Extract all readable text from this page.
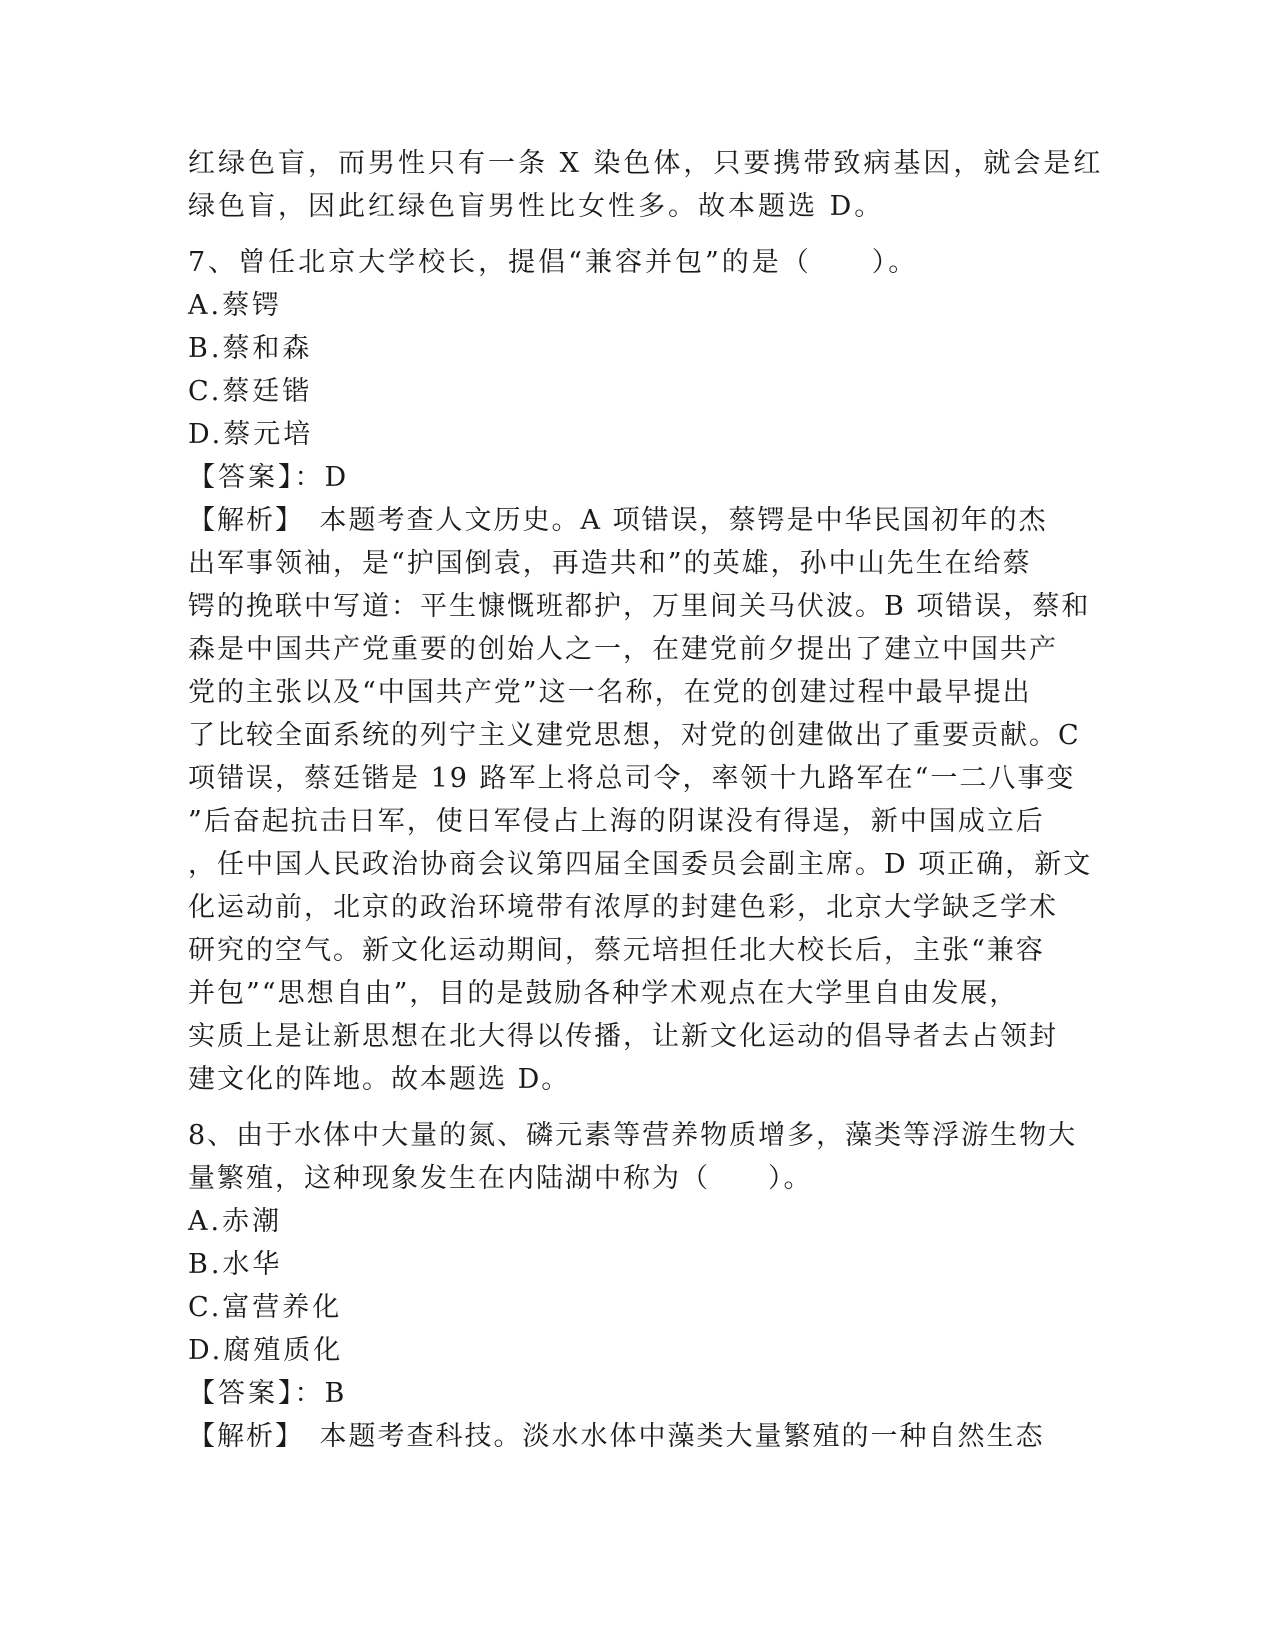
红绿色盲，而男性只有一条 X 染色体，只要携带致病基因，就会是红
绿色盲，因此红绿色盲男性比女性多。故本题选 D。
7、曾任北京大学校长，提倡“兼容并包”的是（　　）。
A.蔡锷
B.蔡和森
C.蔡廷锴
D.蔡元培
【答案】：D
【解析】　本题考查人文历史。A 项错误，蔡锷是中华民国初年的杰
出军事领袖，是“护国倒袁，再造共和”的英雄，孙中山先生在给蔡
锷的挽联中写道：平生慷慨班都护，万里间关马伏波。B 项错误，蔡和
森是中国共产党重要的创始人之一，在建党前夕提出了建立中国共产
党的主张以及“中国共产党”这一名称，在党的创建过程中最早提出
了比较全面系统的列宁主义建党思想，对党的创建做出了重要贡献。C
项错误，蔡廷锴是 19 路军上将总司令，率领十九路军在“一二八事变
”后奋起抗击日军，使日军侵占上海的阴谋没有得逞，新中国成立后
，任中国人民政治协商会议第四届全国委员会副主席。D 项正确，新文
化运动前，北京的政治环境带有浓厚的封建色彩，北京大学缺乏学术
研究的空气。新文化运动期间，蔡元培担任北大校长后，主张“兼容
并包”“思想自由”，目的是鼓励各种学术观点在大学里自由发展，
实质上是让新思想在北大得以传播，让新文化运动的倡导者去占领封
建文化的阵地。故本题选 D。
8、由于水体中大量的氮、磷元素等营养物质增多，藻类等浮游生物大
量繁殖，这种现象发生在内陆湖中称为（　　）。
A.赤潮
B.水华
C.富营养化
D.腐殖质化
【答案】：B
【解析】　本题考查科技。淡水水体中藻类大量繁殖的一种自然生态
